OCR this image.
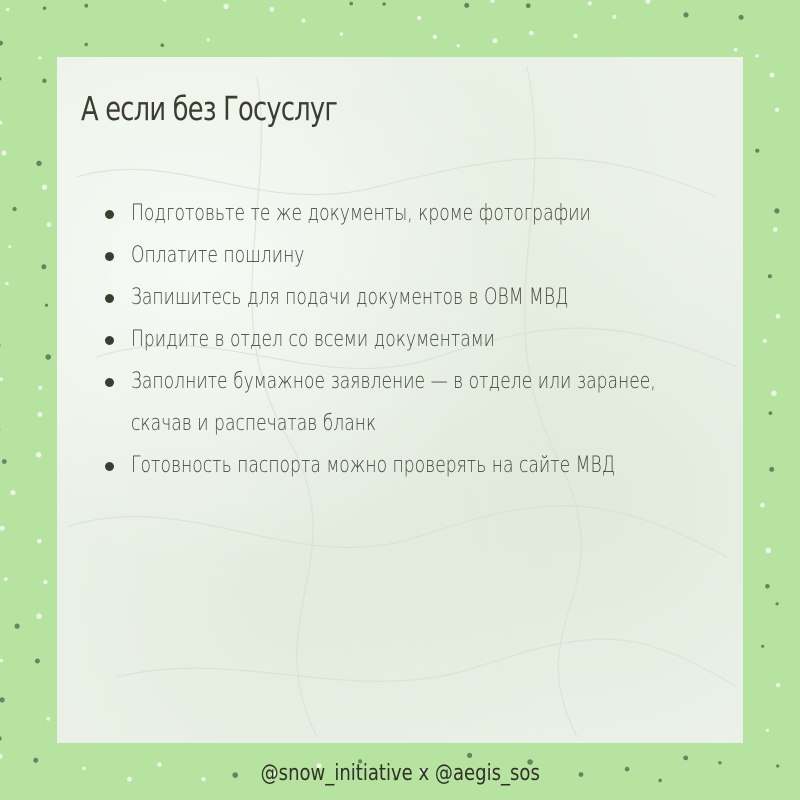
А если без Госуслуг
Подготовьте те же документы, кроме фотографии
Оплатите пошлину
Запишитесь для подачи документов в ОВМ МВД
Придите в отдел со всеми документами
Заполните бумажное заявление — в отделе или заранее, скачав и распечатав бланк
Готовность паспорта можно проверять на сайте МВД
@snow_initiative x @aegis_sos
